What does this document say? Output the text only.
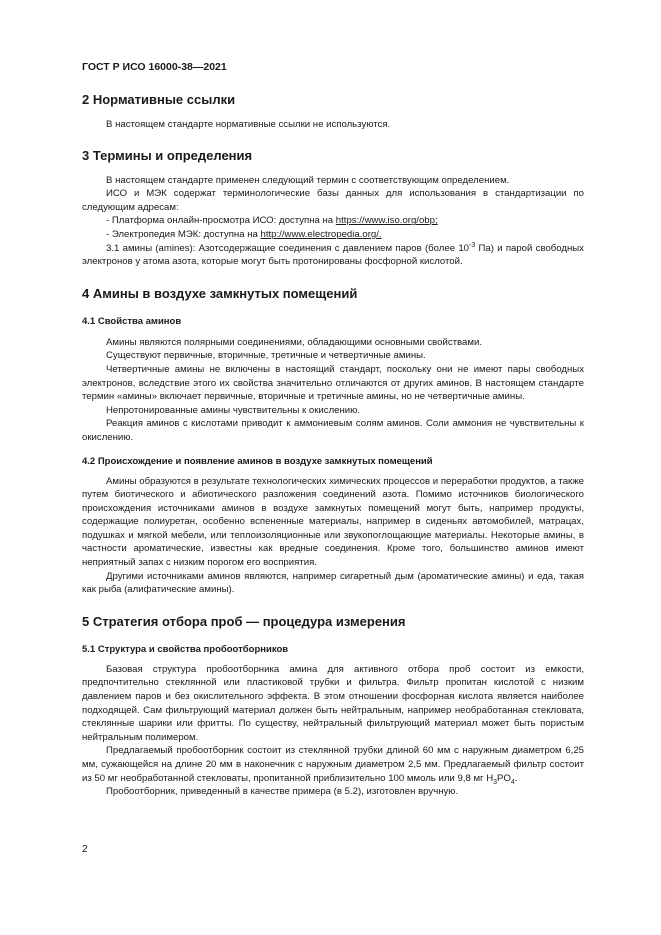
ГОСТ Р ИСО 16000-38—2021
2 Нормативные ссылки

В настоящем стандарте нормативные ссылки не используются.

3 Термины и определения

В настоящем стандарте применен следующий термин с соответствующим определением.

ИСО и МЭК содержат терминологические базы данных для использования в стандартизации по следующим адресам:

- Платформа онлайн-просмотра ИСО: доступна на https://www.iso.org/obp;

- Электропедия МЭК: доступна на http://www.electropedia.org/.

3.1 амины (amines): Азотсодержащие соединения с давлением паров (более $10^{-3}$ Па) и парой свободных электронов у атома азота, которые могут быть протонированы фосфорной кислотой.

4 Амины в воздухе замкнутых помещений
4.1 Свойства аминов

Амины являются полярными соединениями, обладающими основными свойствами.

Существуют первичные, вторичные, третичные и четвертичные амины.

Четвертичные амины не включены в настоящий стандарт, поскольку они не имеют пары свободных электронов, вследствие этого их свойства значительно отличаются от других аминов. В настоящем стандарте термин «амины» включает первичные, вторичные и третичные амины, но не четвертичные амины.

Непротонированные амины чувствительны к окислению.

Реакция аминов с кислотами приводит к аммониевым солям аминов. Соли аммония не чувствительны к окислению.

4.2 Происхождение и появление аминов в воздухе замкнутых помещений

Амины образуются в результате технологических химических процессов и переработки продуктов, а также путем биотического и абиотического разложения соединений азота. Помимо источников биологического происхождения источниками аминов в воздухе замкнутых помещений могут быть, например продукты, содержащие полиуретан, особенно вспененные материалы, например в сиденьях автомобилей, матрацах, подушках и мягкой мебели, или теплоизоляционные или звукопоглощающие материалы. Некоторые амины, в частности ароматические, известны как вредные соединения. Кроме того, большинство аминов имеют неприятный запах с низким порогом его восприятия.

Другими источниками аминов являются, например сигаретный дым (ароматические амины) и еда, такая как рыба (алифатические амины).

5 Стратегия отбора проб — процедура измерения
5.1 Структура и свойства пробоотборников

Базовая структура пробоотборника амина для активного отбора проб состоит из емкости, предпочтительно стеклянной или пластиковой трубки и фильтра. Фильтр пропитан кислотой с низким давлением паров и без окислительного эффекта. В этом отношении фосфорная кислота является наиболее подходящей. Сам фильтрующий материал должен быть нейтральным, например необработанная стекловата, стеклянные шарики или фритты. По существу, нейтральный фильтрующий материал может быть пористым нейтральным полимером.

Предлагаемый пробоотборник состоит из стеклянной трубки длиной 60 мм с наружным диаметром 6,25 мм, сужающейся на длине 20 мм в наконечник с наружным диаметром 2,5 мм. Предлагаемый фильтр состоит из 50 мг необработанной стекловаты, пропитанной приблизительно 100 ммоль или 9,8 мг $H_3PO_4$.

Пробоотборник, приведенный в качестве примера (в 5.2), изготовлен вручную.

2
